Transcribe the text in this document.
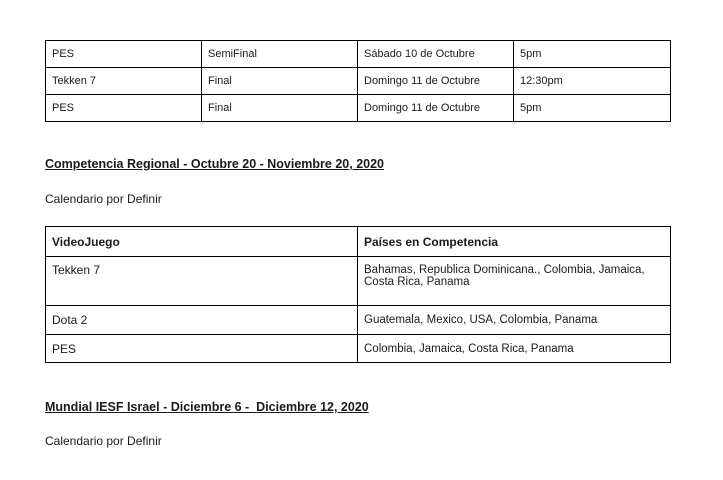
PES	SemiFinal	Sábado 10 de Octubre	5pm
Tekken 7	Final	Domingo 11 de Octubre	12:30pm
PES	Final	Domingo 11 de Octubre	5pm

Competencia Regional - Octubre 20 - Noviembre 20, 2020

Calendario por Definir

VideoJuego	Países en Competencia
Tekken 7	Bahamas, Republica Dominicana., Colombia, Jamaica, Costa Rica, Panama
Dota 2	Guatemala, Mexico, USA, Colombia, Panama
PES	Colombia, Jamaica, Costa Rica, Panama

Mundial IESF Israel - Diciembre 6 -  Diciembre 12, 2020

Calendario por Definir
